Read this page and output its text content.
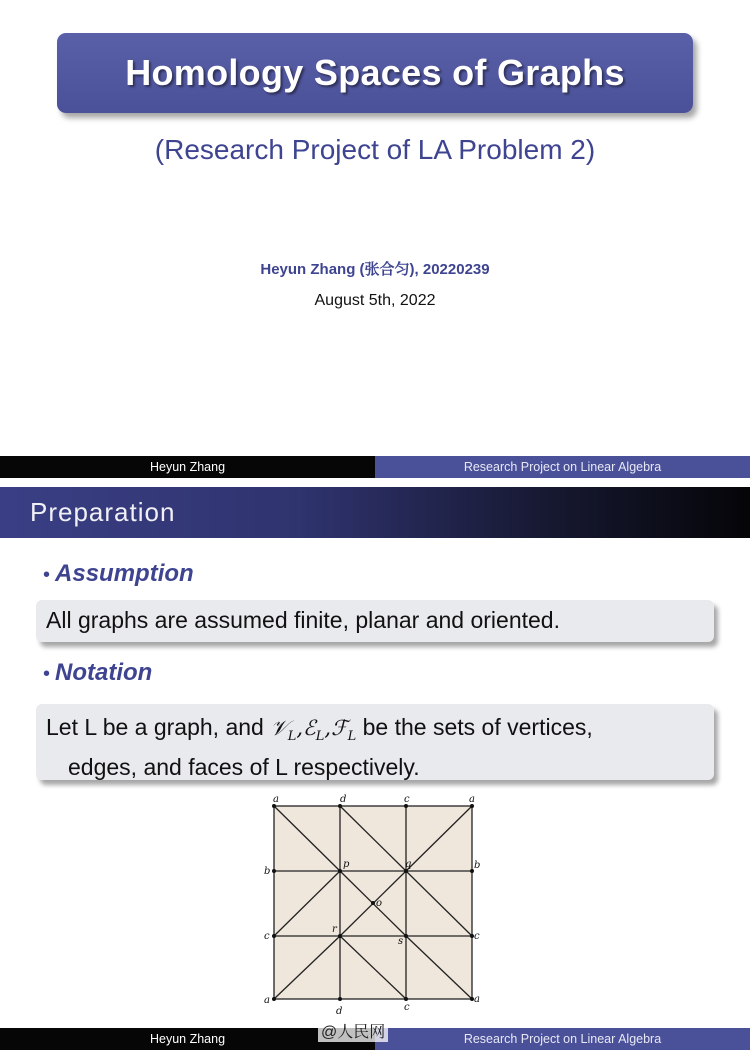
Homology Spaces of Graphs
(Research Project of LA Problem 2)
Heyun Zhang (张合匀), 20220239
August 5th, 2022
Heyun Zhang	Research Project on Linear Algebra
Preparation
• Assumption
All graphs are assumed finite, planar and oriented.
• Notation
Let L be a graph, and 𝒱$_L$,ℰ$_L$,ℱ$_L$ be the sets of vertices,
edges, and faces of L respectively.
a	d	c	a
b
c
b
c
p	q
o
r
s
a
d	c
a
Heyun Zhang	Research Project on Linear Algebra
@人民网
